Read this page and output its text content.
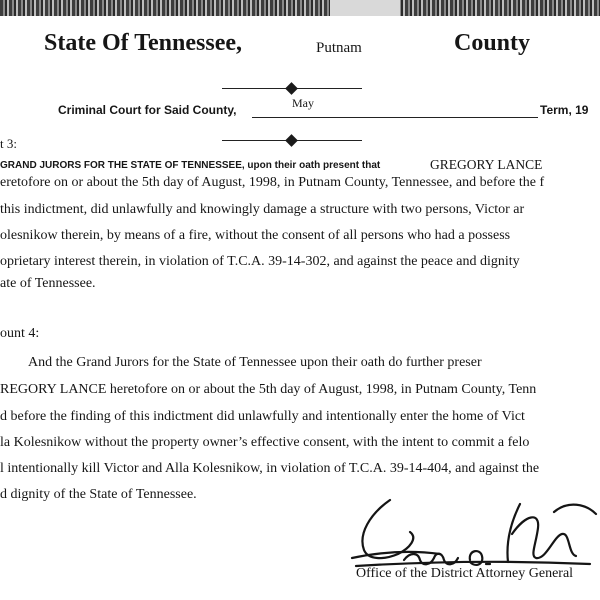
State Of Tennessee,	Putnam	County
Criminal Court for Said County,	May	Term, 19
t 3:
GRAND JURORS FOR THE STATE OF TENNESSEE, upon their oath present that	GREGORY LANCE
eretofore on or about the 5th day of August, 1998, in Putnam County, Tennessee, and before the f
this indictment, did unlawfully and knowingly damage a structure with two persons, Victor ar
olesnikow therein, by means of a fire, without the consent of all persons who had a possess
oprietary interest therein, in violation of T.C.A. 39-14-302, and against the peace and dignity
ate of Tennessee.
ount 4:
And the Grand Jurors for the State of Tennessee upon their oath do further preser
REGORY LANCE heretofore on or about the 5th day of August, 1998, in Putnam County, Tenn
d before the finding of this indictment did unlawfully and intentionally enter the home of Vict
la Kolesnikow without the property owner’s effective consent, with the intent to commit a felo
l intentionally kill Victor and Alla Kolesnikow, in violation of T.C.A. 39-14-404, and against the
d dignity of the State of Tennessee.
Office of the District Attorney General
